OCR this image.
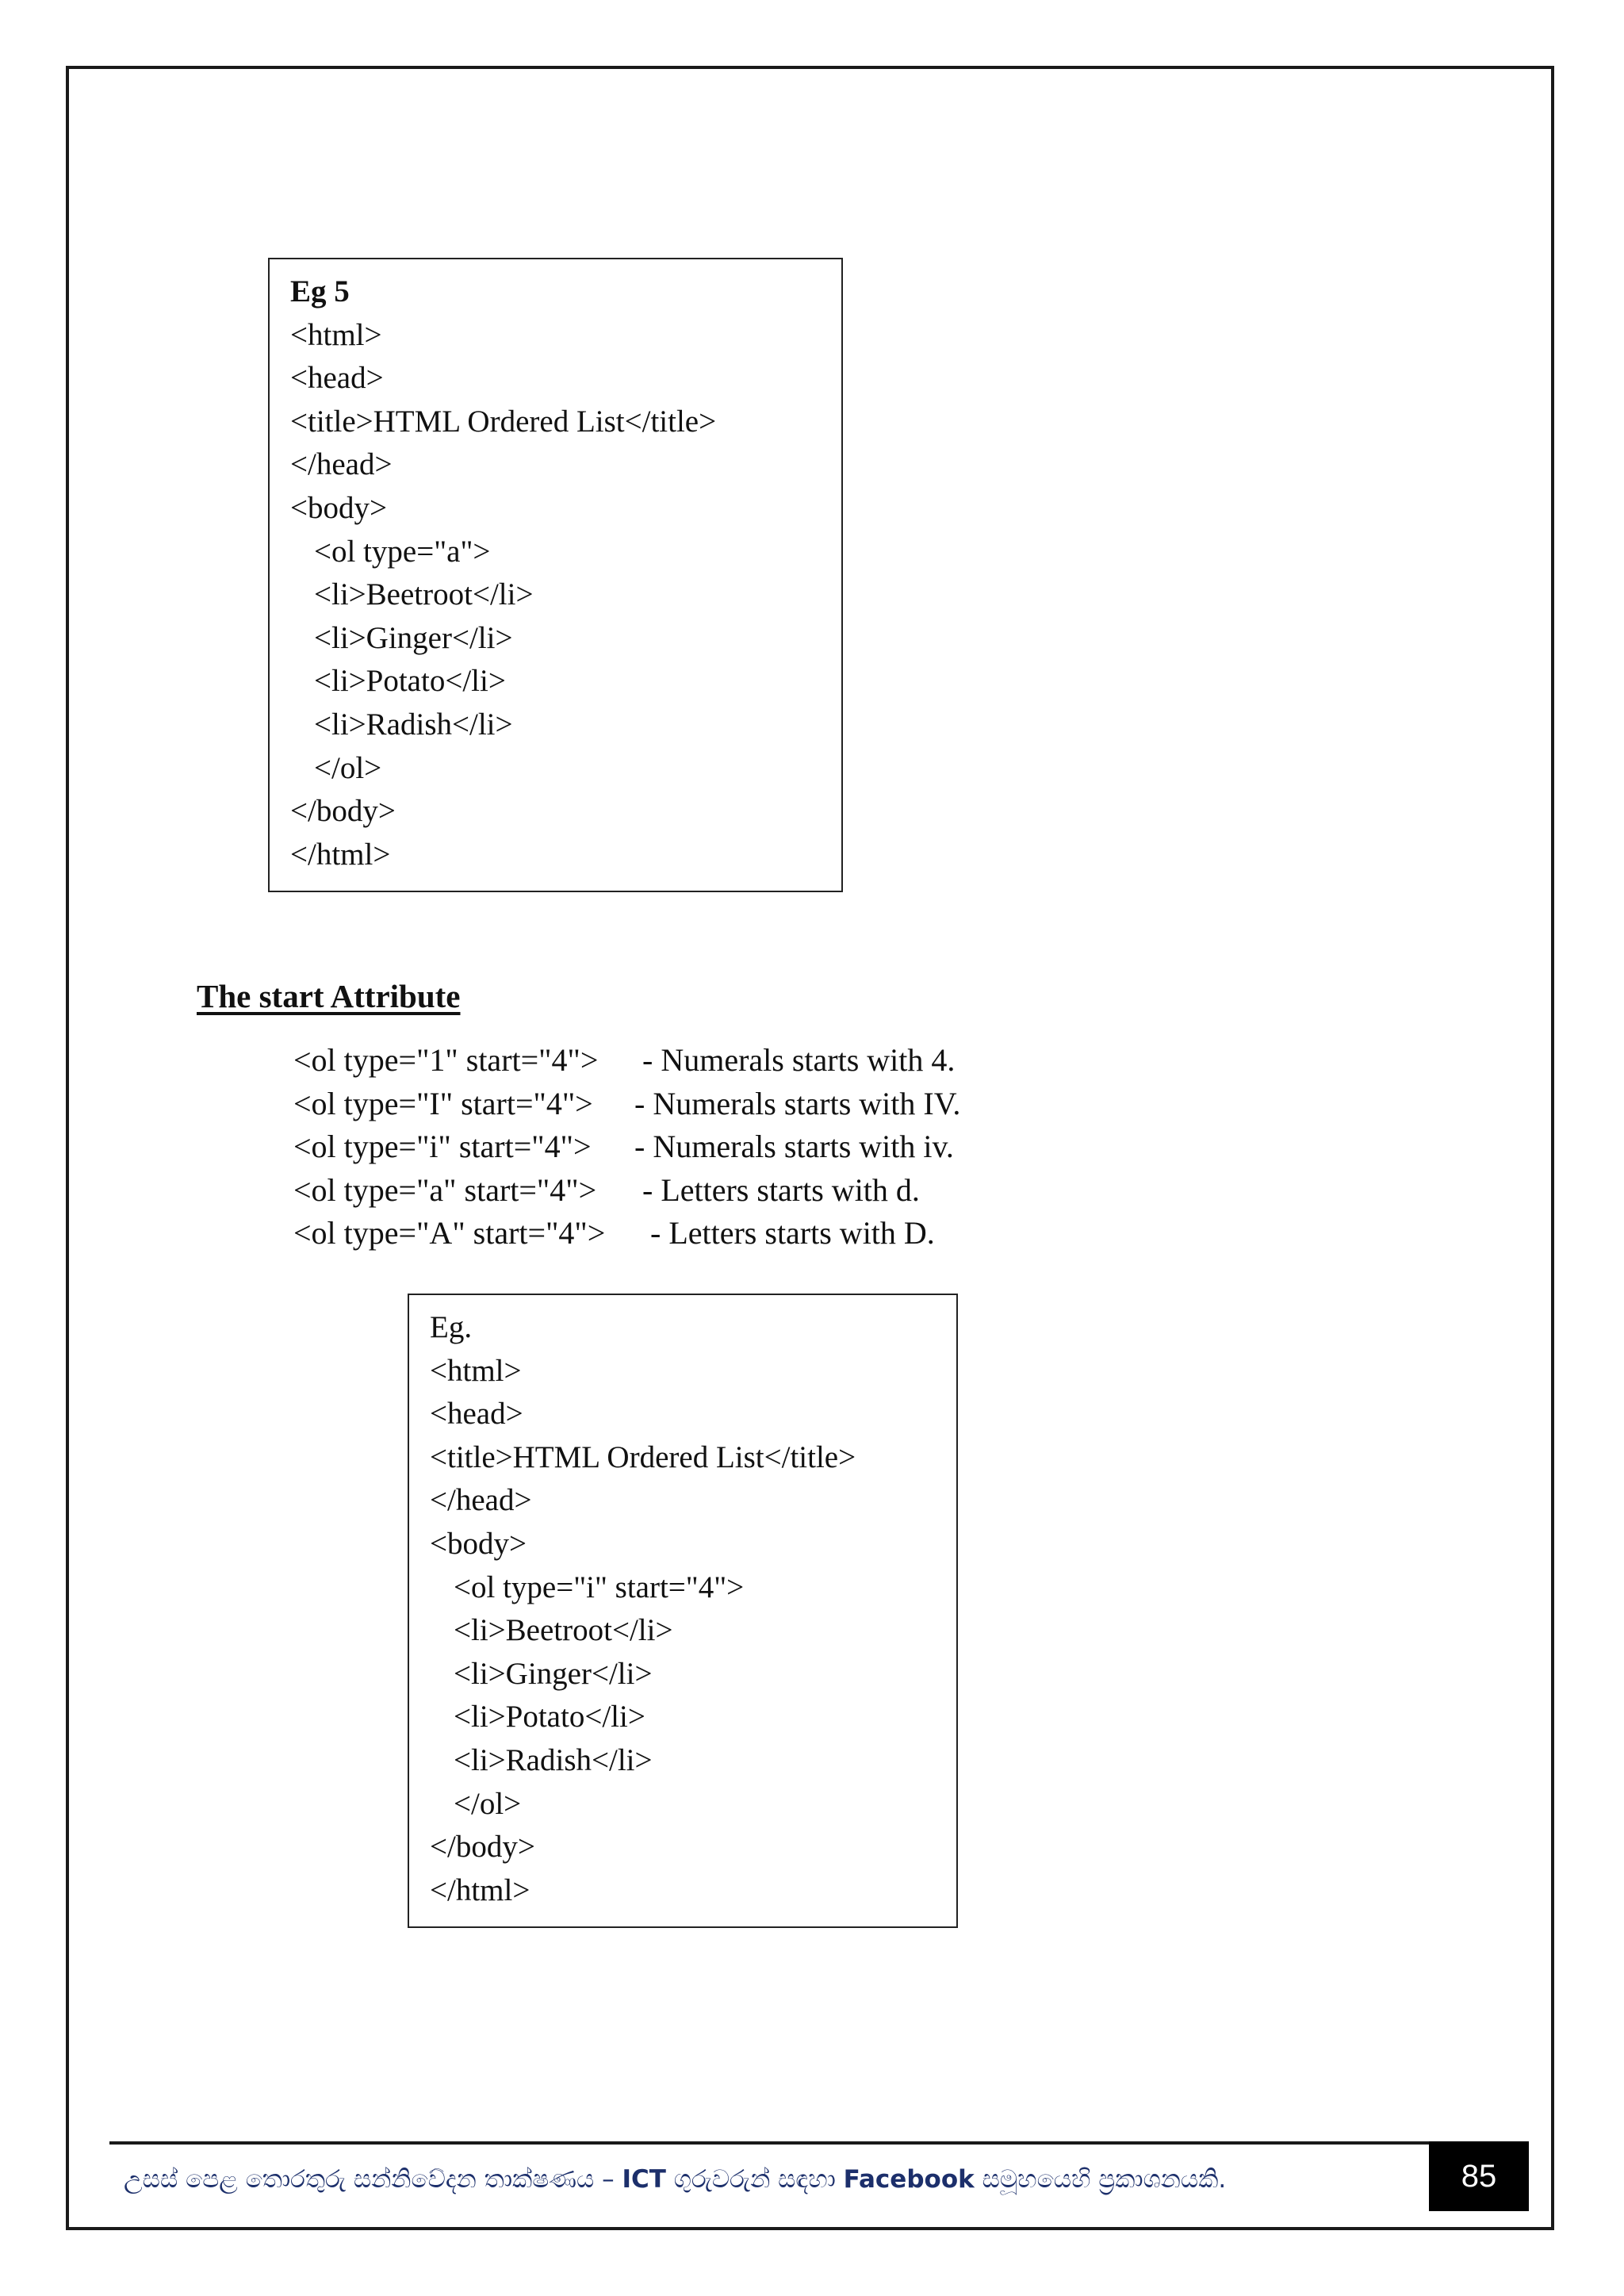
Eg 5
<html>
<head>
<title>HTML Ordered List</title>
</head>
<body>
<ol type="a">
<li>Beetroot</li>
<li>Ginger</li>
<li>Potato</li>
<li>Radish</li>
</ol>
</body>
</html>
The start Attribute
<ol type="1" start="4">	- Numerals starts with 4.
<ol type="I" start="4">	- Numerals starts with IV.
<ol type="i" start="4">	- Numerals starts with iv.
<ol type="a" start="4">	- Letters starts with d.
<ol type="A" start="4"> - Letters starts with D.
Eg.
<html>
<head>
<title>HTML Ordered List</title>
</head>
<body>
<ol type="i" start="4">
<li>Beetroot</li>
<li>Ginger</li>
<li>Potato</li>
<li>Radish</li>
</ol>
</body>
</html>
උසස් පෙළ තොරතුරු සන්නිවේදන තාක්ෂණය – ICT ගුරුවරුන් සඳහා Facebook සමූහයෙහි ප්‍රකාශනයකි.	85
